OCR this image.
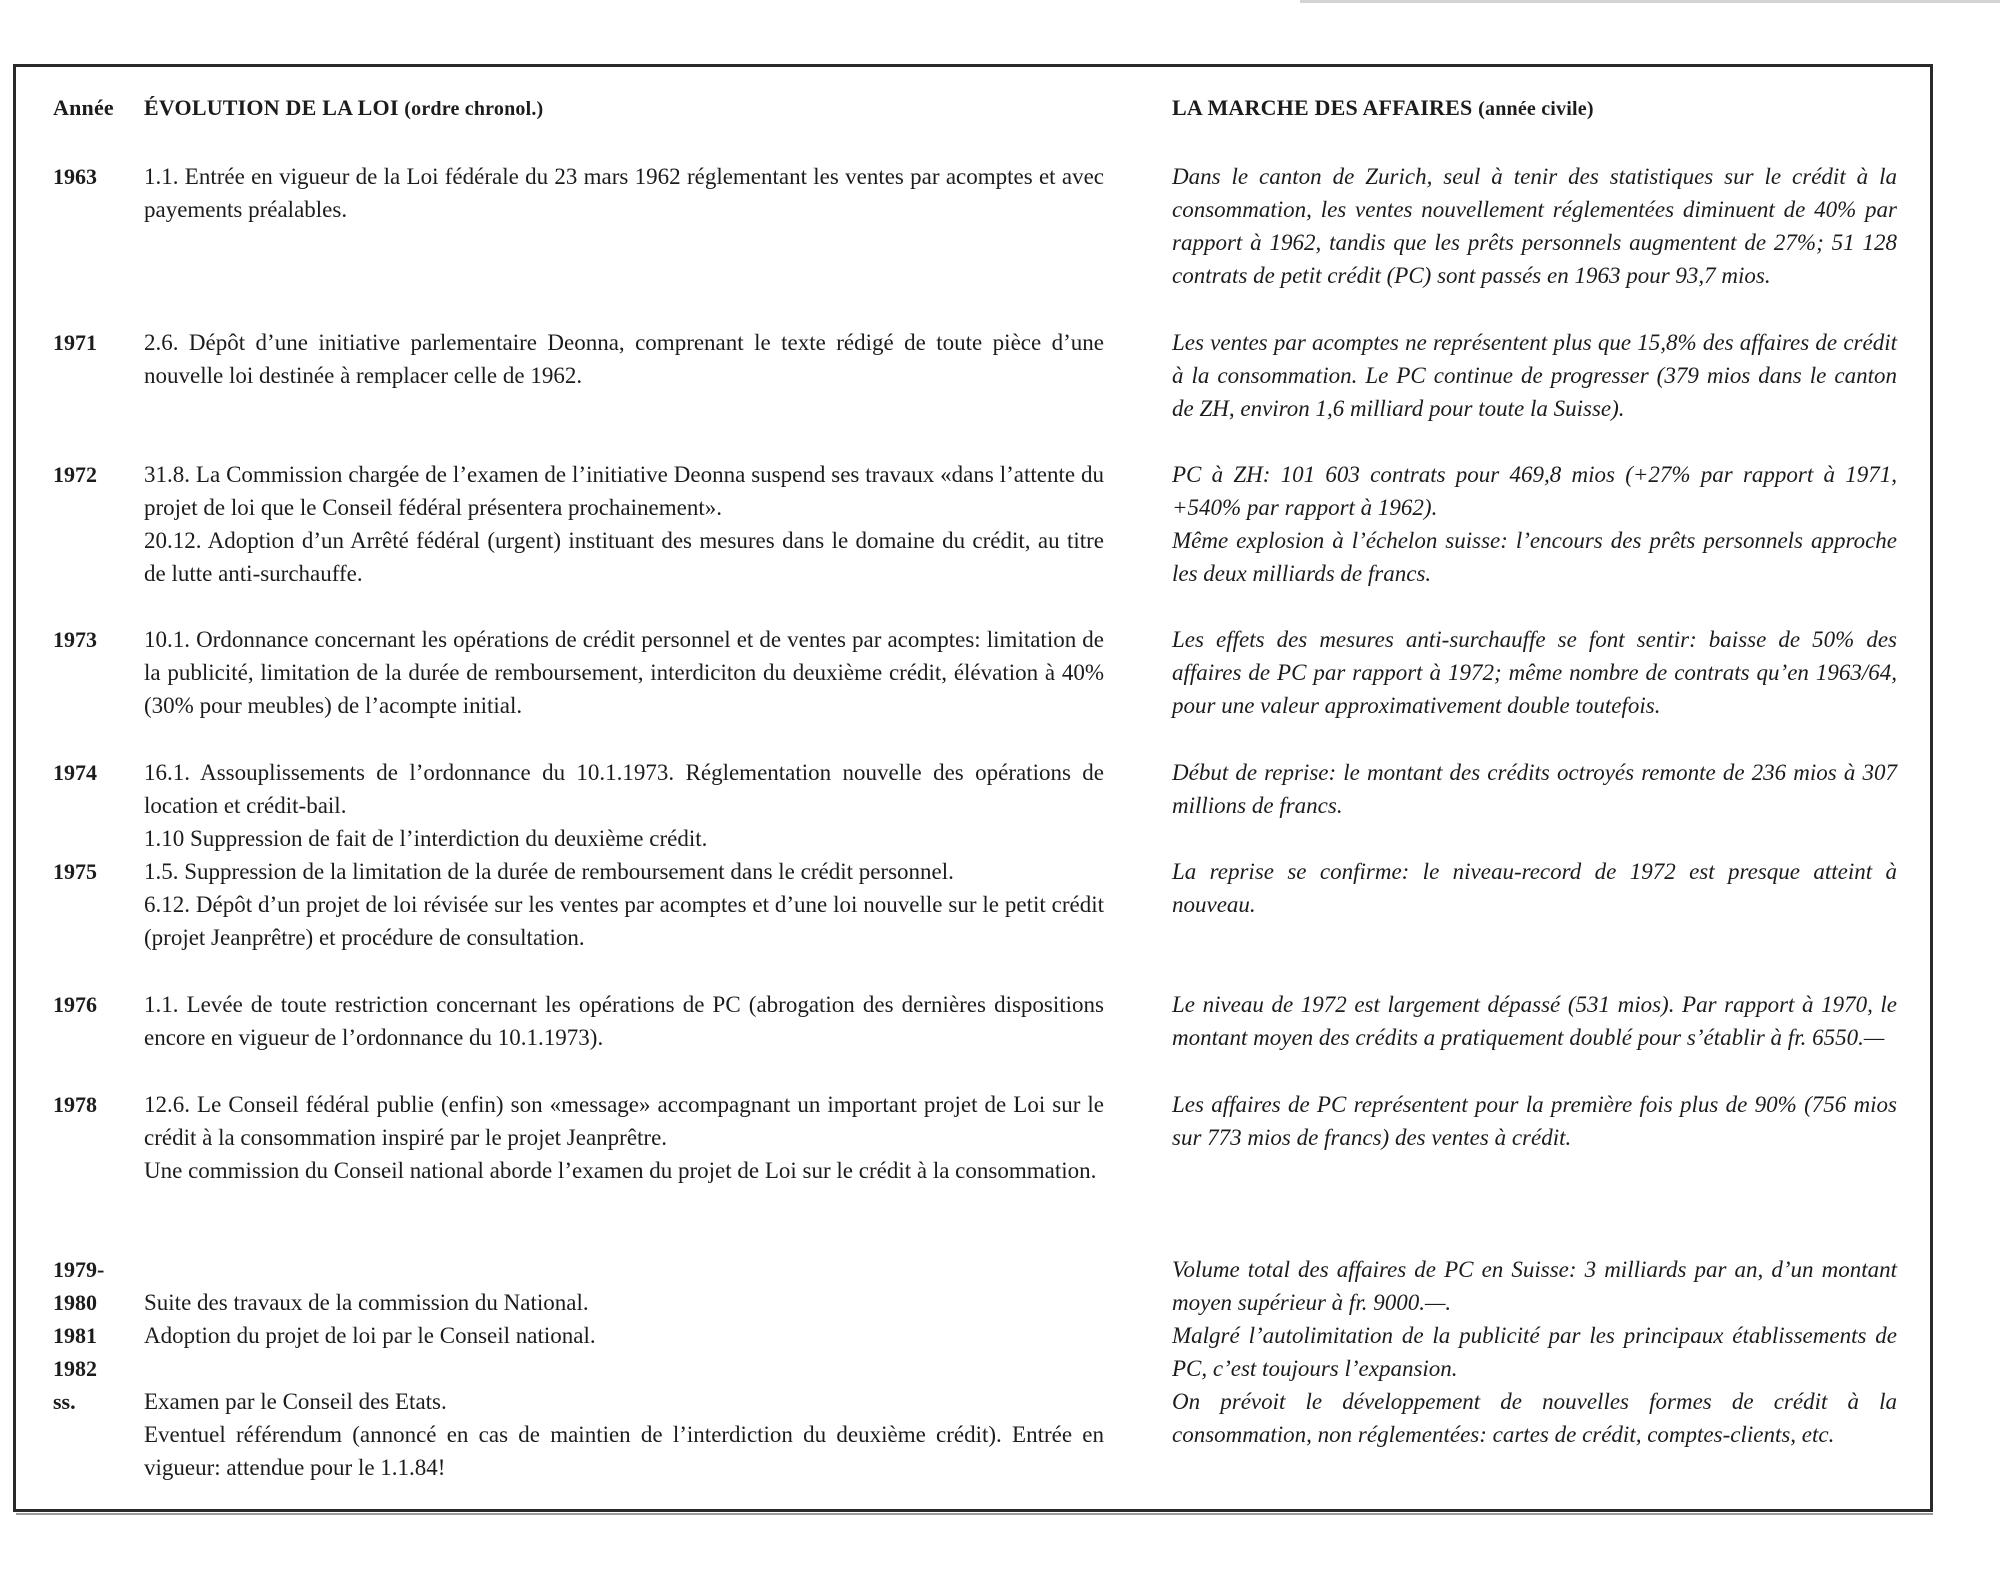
Année ÉVOLUTION DE LA LOI (ordre chronol.)	LA MARCHE DES AFFAIRES (année civile)
1963
1971
1972
1973
1974
1975
1976
1978
1979-
1980
1981
1982
ss.

1.1. Entrée en vigueur de la Loi fédérale du 23 mars 1962 réglementant les ventes par acomptes et avec payements préalables.

2.6. Dépôt d’une initiative parlementaire Deonna, comprenant le texte rédigé de toute pièce d’une nouvelle loi destinée à remplacer celle de 1962.

31.8. La Commission chargée de l’examen de l’initiative Deonna suspend ses travaux «dans l’attente du projet de loi que le Conseil fédéral présentera prochainement».

20.12. Adoption d’un Arrêté fédéral (urgent) instituant des mesures dans le domaine du crédit, au titre de lutte anti-surchauffe.

10.1. Ordonnance concernant les opérations de crédit personnel et de ventes par acomptes: limitation de la publicité, limitation de la durée de remboursement, interdiciton du deuxième crédit, élévation à 40% (30% pour meubles) de l’acompte initial.

16.1. Assouplissements de l’ordonnance du 10.1.1973. Réglementation nouvelle des opérations de location et crédit-bail.

1.10 Suppression de fait de l’interdiction du deuxième crédit.

1.5. Suppression de la limitation de la durée de remboursement dans le crédit personnel.

6.12. Dépôt d’un projet de loi révisée sur les ventes par acomptes et d’une loi nouvelle sur le petit crédit (projet Jeanprêtre) et procédure de consultation.

1.1. Levée de toute restriction concernant les opérations de PC (abrogation des dernières dispositions encore en vigueur de l’ordonnance du 10.1.1973).

12.6. Le Conseil fédéral publie (enfin) son «message» accompagnant un important projet de Loi sur le crédit à la consommation inspiré par le projet Jeanprêtre.

Une commission du Conseil national aborde l’examen du projet de Loi sur le crédit à la consommation.

Suite des travaux de la commission du National.

Adoption du projet de loi par le Conseil national.

Examen par le Conseil des Etats.

Eventuel référendum (annoncé en cas de maintien de l’interdiction du deuxième crédit). Entrée en vigueur: attendue pour le 1.1.84!

Dans le canton de Zurich, seul à tenir des statistiques sur le crédit à la consommation, les ventes nouvellement réglementées diminuent de 40% par rapport à 1962, tandis que les prêts personnels augmentent de 27%; 51 128 contrats de petit crédit (PC) sont passés en 1963 pour 93,7 mios.
Les ventes par acomptes ne représentent plus que 15,8% des affaires de crédit à la consommation. Le PC continue de progresser (379 mios dans le canton de ZH, environ 1,6 milliard pour toute la Suisse).
PC à ZH: 101 603 contrats pour 469,8 mios (+27% par rapport à 1971, +540% par rapport à 1962).
Même explosion à l’échelon suisse: l’encours des prêts personnels approche les deux milliards de francs.
Les effets des mesures anti-surchauffe se font sentir: baisse de 50% des affaires de PC par rapport à 1972; même nombre de contrats qu’en 1963/64, pour une valeur approximativement double toutefois.
Début de reprise: le montant des crédits octroyés remonte de 236 mios à 307 millions de francs.
La reprise se confirme: le niveau-record de 1972 est presque atteint à nouveau.
Le niveau de 1972 est largement dépassé (531 mios). Par rapport à 1970, le montant moyen des crédits a pratiquement doublé pour s’établir à fr. 6550.—
Les affaires de PC représentent pour la première fois plus de 90% (756 mios sur 773 mios de francs) des ventes à crédit.
Volume total des affaires de PC en Suisse: 3 milliards par an, d’un montant moyen supérieur à fr. 9000.—.
Malgré l’autolimitation de la publicité par les principaux établissements de PC, c’est toujours l’expansion.
On prévoit le développement de nouvelles formes de crédit à la consommation, non réglementées: cartes de crédit, comptes-clients, etc.
